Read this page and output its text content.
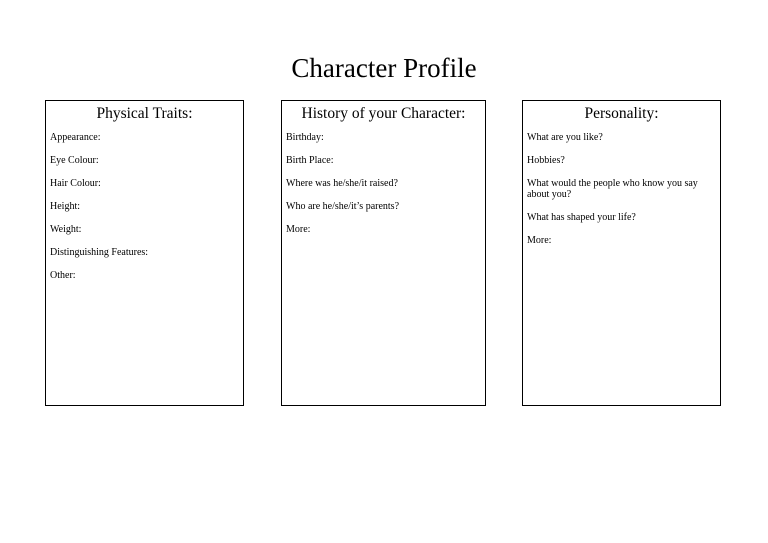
Character Profile
Physical Traits:
Appearance:
Eye Colour:
Hair Colour:
Height:
Weight:
Distinguishing Features:
Other:
History of your Character:
Birthday:
Birth Place:
Where was he/she/it raised?
Who are he/she/it’s parents?
More:
Personality:
What are you like?
Hobbies?
What would the people who know you say about you?
What has shaped your life?
More:
